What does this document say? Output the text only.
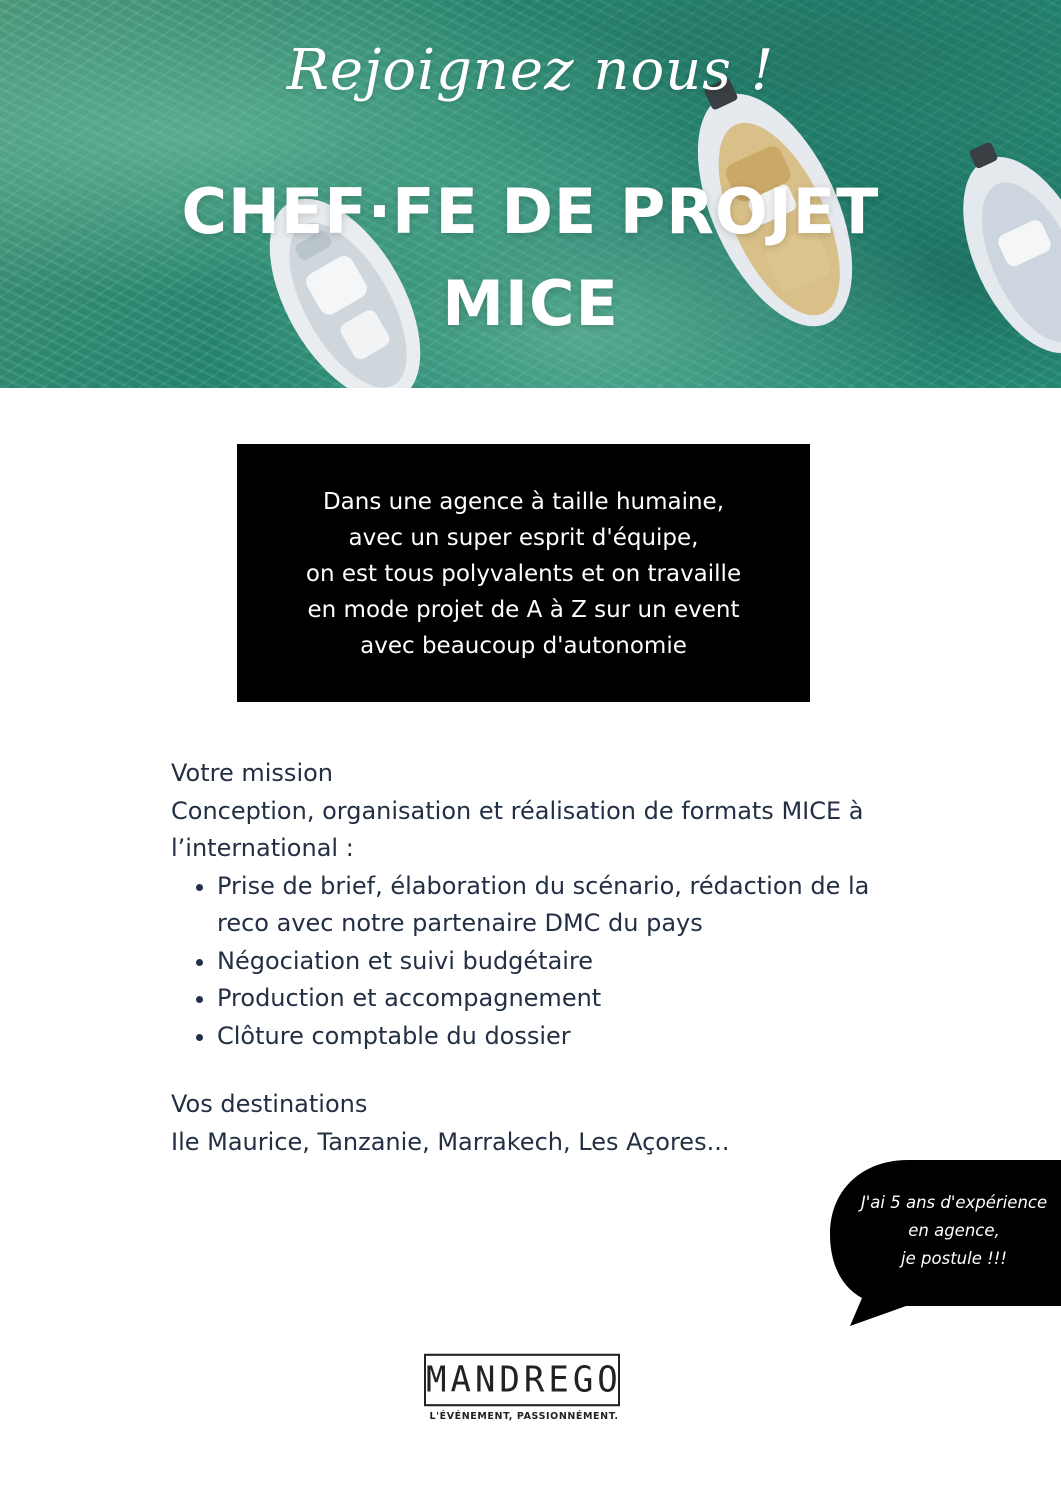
Rejoignez nous !
CHEF·FE DE PROJET
MICE
Dans une agence à taille humaine,
avec un super esprit d'équipe,
on est tous polyvalents et on travaille
en mode projet de A à Z sur un event
avec beaucoup d'autonomie

Votre mission

Conception, organisation et réalisation de formats MICE à l’international :

• Prise de brief, élaboration du scénario, rédaction de la reco avec notre partenaire DMC du pays
• Négociation et suivi budgétaire
• Production et accompagnement
• Clôture comptable du dossier

Vos destinations

Ile Maurice, Tanzanie, Marrakech, Les Açores...

J'ai 5 ans d'expérience
en agence,
je postule !!!
MANDREGO
L'ÉVÉNEMENT, PASSIONNÉMENT.
